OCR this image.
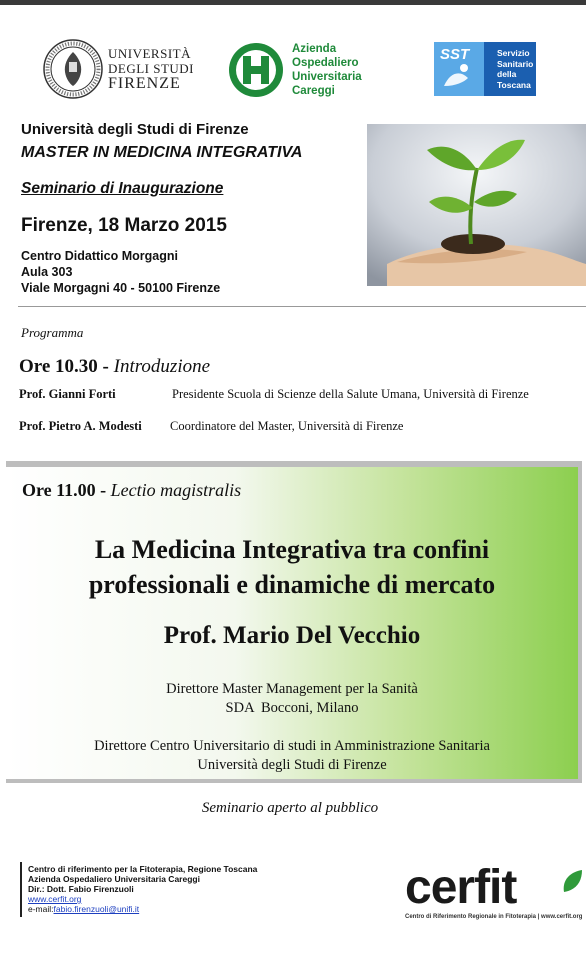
UNIVERSITÀ
DEGLI STUDI
FIRENZE
Azienda
Ospedaliero
Universitaria
Careggi
SST	Servizio
Sanitario
della
Toscana
Università degli Studi di Firenze
MASTER IN MEDICINA INTEGRATIVA
Seminario di Inaugurazione
Firenze, 18 Marzo 2015
Centro Didattico Morgagni
Aula 303
Viale Morgagni 40 - 50100 Firenze
Programma
Ore 10.30 - Introduzione
Prof. Gianni Forti	Presidente Scuola di Scienze della Salute Umana, Università di Firenze
Prof. Pietro A. Modesti Coordinatore del Master, Università di Firenze
Ore 11.00 - Lectio magistralis
La Medicina Integrativa tra confini
professionali e dinamiche di mercato
Prof. Mario Del Vecchio
Direttore Master Management per la Sanità
SDA  Bocconi, Milano
Direttore Centro Universitario di studi in Amministrazione Sanitaria
Università degli Studi di Firenze
Seminario aperto al pubblico
Centro di riferimento per la Fitoterapia, Regione Toscana
Azienda Ospedaliero Universitaria Careggi
Dir.: Dott. Fabio Firenzuoli
www.cerfit.org
e-mail:fabio.firenzuoli@unifi.it	cerfit
Centro di Riferimento Regionale in Fitoterapia | www.cerfit.org
